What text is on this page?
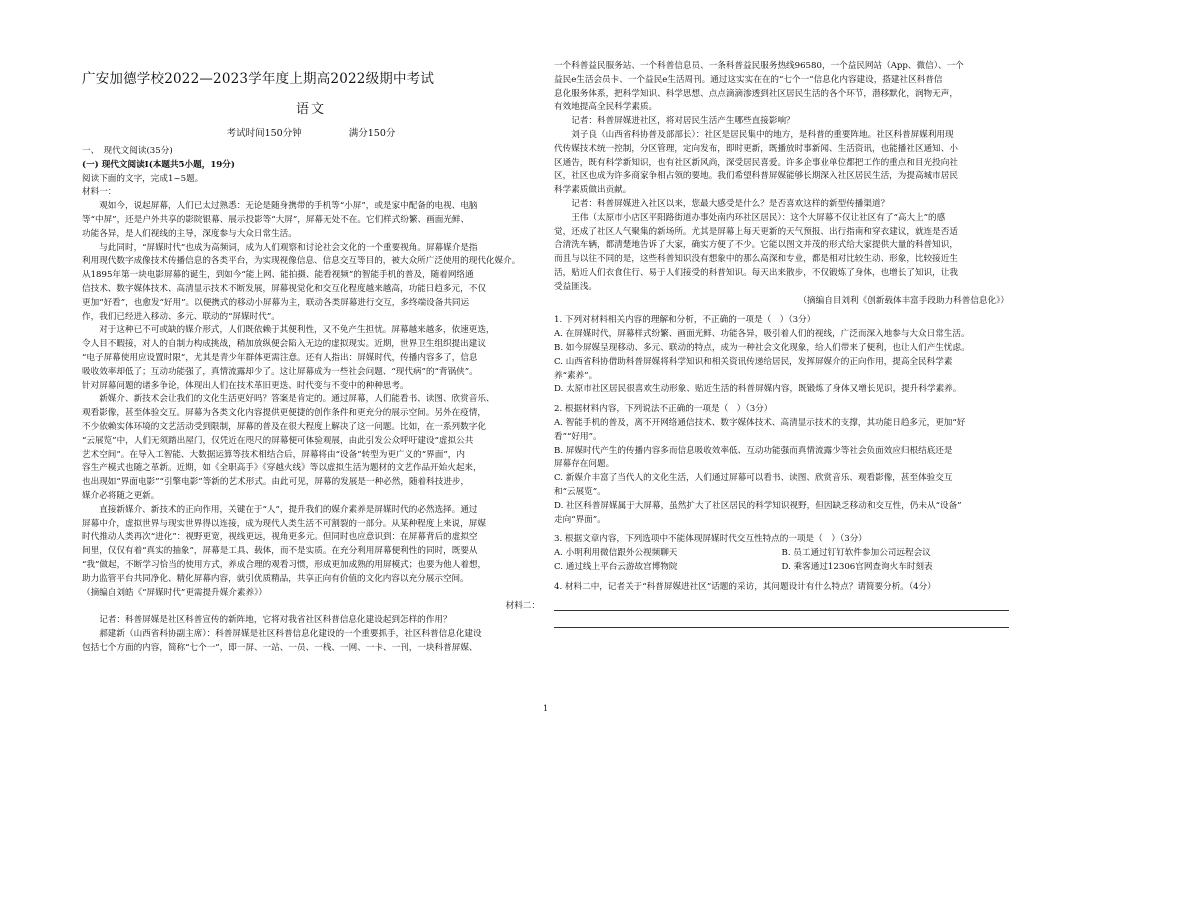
广安加德学校2022—2023学年度上期高2022级期中考试

语文

考试时间150分钟	满分150分

一、　现代文阅读(35分)

(一) 现代文阅读Ⅰ(本题共5小题，19分)

阅读下面的文字，完成1~5题。

材料一：

　　观如今，说起屏幕，人们已太过熟悉：无论是随身携带的手机等“小屏”，或是家中配备的电视、电脑

等“中屏”，还是户外共享的影院银幕、展示投影等“大屏”，屏幕无处不在。它们样式纷繁、画面光鲜、

功能各异，是人们视线的主导，深度参与大众日常生活。

　　与此同时，“屏媒时代”也成为高频词，成为人们观察和讨论社会文化的一个重要视角。屏幕媒介是指

利用现代数字成像技术传播信息的各类平台，为实现视像信息、信息交互等目的，被大众所广泛使用的现代化媒介。

从1895年第一块电影屏幕的诞生，到如今“能上网、能拍摄、能看视频”的智能手机的普及，随着网络通

信技术、数字媒体技术、高清显示技术不断发展，屏幕视觉化和交互化程度越来越高，功能日趋多元，不仅

更加“好看”，也愈发“好用”。以便携式的移动小屏幕为主，联动各类屏幕进行交互，多终端设备共同运

作，我们已经进入移动、多元、联动的“屏媒时代”。

　　对于这种已不可或缺的媒介形式，人们既依赖于其便利性，又不免产生担忧。屏幕越来越多，依速更迭，

令人目不暇接，对人的自制力构成挑战，稍加放纵便会陷入无边的虚拟现实。近期，世界卫生组织提出建议

“电子屏幕使用应设置时限”，尤其是青少年群体更需注意。还有人指出：屏媒时代，传播内容多了，信息

吸收效率却低了；互动功能强了，真情流露却少了。这让屏幕成为一些社会问题、“现代病”的“背锅侠”。

针对屏幕问题的诸多争论，体现出人们在技术革旧更迭、时代变与不变中的种种思考。

　　新媒介、新技术会让我们的文化生活更好吗？答案是肯定的。通过屏幕，人们能看书、读图、欣赏音乐、

观看影像，甚至体验交互。屏幕为各类文化内容提供更便捷的创作条件和更充分的展示空间。另外在疫情，

不少依赖实体环境的文艺活动受到限制，屏幕的普及在很大程度上解决了这一问题。比如，在一系列数字化

“云展览”中，人们无须踏出屋门，仅凭近在咫尺的屏幕便可体验观展，由此引发公众呼吁建设“虚拟公共

艺术空间”。在导入工智能、大数据运算等技术相结合后，屏幕将由“设备”转型为更广义的“界面”，内

容生产模式也随之革新。近期，如《全职高手》《穿越火线》等以虚拟生活为题材的文艺作品开始火起来，

也出现如“界面电影”“引擎电影”等新的艺术形式。由此可见，屏幕的发展是一种必然，随着科技进步，

媒介必将随之更新。

　　直接新媒介、新技术的正向作用，关键在于“人”，提升我们的媒介素养是屏媒时代的必然选择。通过

屏幕中介，虚拟世界与现实世界得以连接，成为现代人类生活不可割裂的一部分。从某种程度上来说，屏媒

时代推动人类再次“进化”：视野更宽，视线更远，视角更多元。但同时也应意识到：在屏幕背后的虚拟空

间里，仅仅有着“真实的抽象”，屏幕是工具、载体，而不是实质。在充分利用屏幕便利性的同时，既要从

“我”做起，不断学习恰当的使用方式，养成合理的观看习惯，形成更加成熟的用屏模式；也要为他人着想，

助力监管平台共同净化、精化屏幕内容，就引优质精品，共享正向有价值的文化内容以充分展示空间。

（摘编自刘皓《“屏媒时代”更需提升媒介素养》）

材料二：

　　记者：科普屏媒是社区科普宣传的新阵地，它将对我省社区科普信息化建设起到怎样的作用？

　　郝建新（山西省科协副主席）：科普屏媒是社区科普信息化建设的一个重要抓手，社区科普信息化建设

包括七个方面的内容，简称“七个一”，即一屏、一站、一员、一栈、一网、一卡、一刊，一块科普屏媒、

一个科普益民服务站、一个科普信息员、一条科普益民服务热线96580，一个益民网站（App、微信）、一个

益民e生活会员卡、一个益民e生活周刊。通过这实实在在的“七个一”信息化内容建设，搭建社区科普信

息化服务体系，把科学知识、科学思想、点点滴滴渗透到社区居民生活的各个环节，潜移默化，润物无声，

有效地提高全民科学素质。

　　记者：科普屏媒进社区，将对居民生活产生哪些直接影响？

　　刘子良（山西省科协普及部部长）：社区是居民集中的地方，是科普的重要阵地。社区科普屏媒利用现

代传媒技术统一控制，分区管理，定向发布，即时更新，既播放时事新闻、生活资讯，也能播社区通知、小

区通告，既有科学新知识，也有社区新风尚，深受居民喜爱。许多企事业单位都把工作的重点和目光投向社

区，社区也成为许多商家争相占领的要地。我们希望科普屏媒能够长期深入社区居民生活，为提高城市居民

科学素质做出贡献。

　　记者：科普屏媒进入社区以来，您最大感受是什么？是否喜欢这样的新型传播渠道？

　　王伟（太原市小店区平阳路街道办事处南内环社区居民）：这个大屏幕不仅让社区有了“高大上”的感

觉，还成了社区人气聚集的新场所。尤其是屏幕上每天更新的天气预报、出行指南和穿衣建议，就连是否适

合清洗车辆，都清楚地告诉了大家，确实方便了不少。它能以图文并茂的形式给大家提供大量的科普知识，

而且与以往不同的是，这些科普知识没有想象中的那么高深和专业，都是相对比较生动、形象，比较接近生

活，贴近人们衣食住行、易于人们接受的科普知识。每天出来散步，不仅锻炼了身体，也增长了知识，让我

受益匪浅。

（摘编自目刘利《创新载体丰富手段助力科普信息化》）

1. 下列对材料相关内容的理解和分析，不正确的一项是（　）（3分）

A. 在屏媒时代，屏幕样式纷繁、画面光鲜、功能各异，吸引着人们的视线，广泛而深入地参与大众日常生活。

B. 如今屏媒呈现移动、多元、联动的特点，成为一种社会文化现象，给人们带来了便利，也让人们产生忧虑。

C. 山西省科协借助科普屏媒将科学知识和相关资讯传递给居民，发挥屏媒介的正向作用，提高全民科学素

养“素养”。

D. 太原市社区居民很喜欢生动形象、贴近生活的科普屏媒内容，既锻炼了身体又增长见识，提升科学素养。

2. 根据材料内容，下列说法不正确的一项是（　）（3分）

A. 智能手机的普及，离不开网络通信技术、数字媒体技术、高清显示技术的支撑，其功能日趋多元，更加“好

看”“好用”。

B. 屏媒时代产生的传播内容多而信息吸收效率低、互动功能强而真情流露少等社会负面效应归根结底还是

屏幕存在问题。

C. 新媒介丰富了当代人的文化生活，人们通过屏幕可以看书、读图、欣赏音乐、观看影像，甚至体验交互

和“云展览”。

D. 社区科普屏媒属于大屏幕，虽然扩大了社区居民的科学知识视野，但因缺乏移动和交互性，仍未从“设备”

走向“界面”。

3. 根据文章内容，下列选项中不能体现屏媒时代交互性特点的一项是（　）（3分）

A. 小明利用微信跟外公视频聊天	B. 员工通过钉钉软件参加公司远程会议

C. 通过线上平台云游故宫博物院	D. 乘客通过12306官网查询火车时刻表

4. 材料二中，记者关于“科普屏媒进社区”话题的采访，其问题设计有什么特点？请简要分析。（4分）

1
